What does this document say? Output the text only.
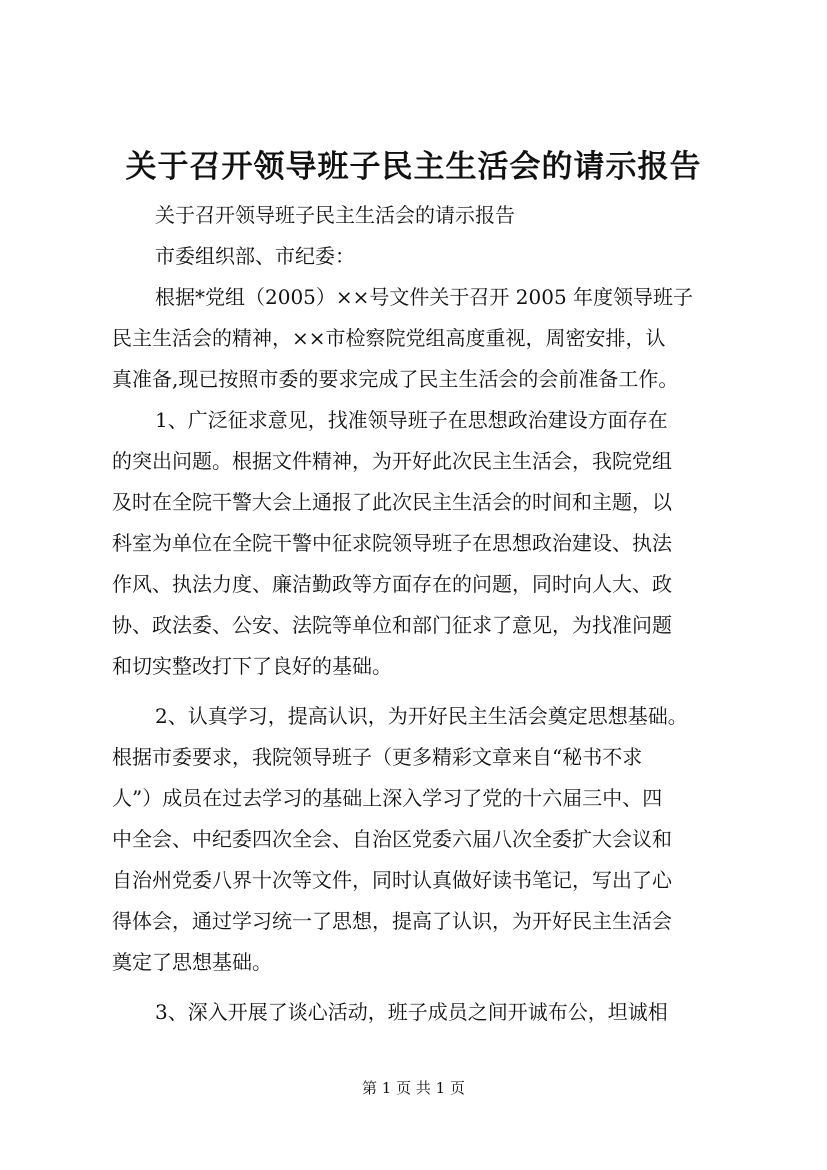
关于召开领导班子民主生活会的请示报告
关于召开领导班子民主生活会的请示报告
市委组织部、市纪委：
根据*党组（2005）××号文件关于召开 2005 年度领导班子
民主生活会的精神，××市检察院党组高度重视，周密安排，认
真准备,现已按照市委的要求完成了民主生活会的会前准备工作。
1、广泛征求意见，找准领导班子在思想政治建设方面存在
的突出问题。根据文件精神，为开好此次民主生活会，我院党组
及时在全院干警大会上通报了此次民主生活会的时间和主题，以
科室为单位在全院干警中征求院领导班子在思想政治建设、执法
作风、执法力度、廉洁勤政等方面存在的问题，同时向人大、政
协、政法委、公安、法院等单位和部门征求了意见，为找准问题
和切实整改打下了良好的基础。
2、认真学习，提高认识，为开好民主生活会奠定思想基础。
根据市委要求，我院领导班子（更多精彩文章来自“秘书不求
人”）成员在过去学习的基础上深入学习了党的十六届三中、四
中全会、中纪委四次全会、自治区党委六届八次全委扩大会议和
自治州党委八界十次等文件，同时认真做好读书笔记，写出了心
得体会，通过学习统一了思想，提高了认识，为开好民主生活会
奠定了思想基础。
3、深入开展了谈心活动，班子成员之间开诚布公，坦诚相
第 1 页 共 1 页
